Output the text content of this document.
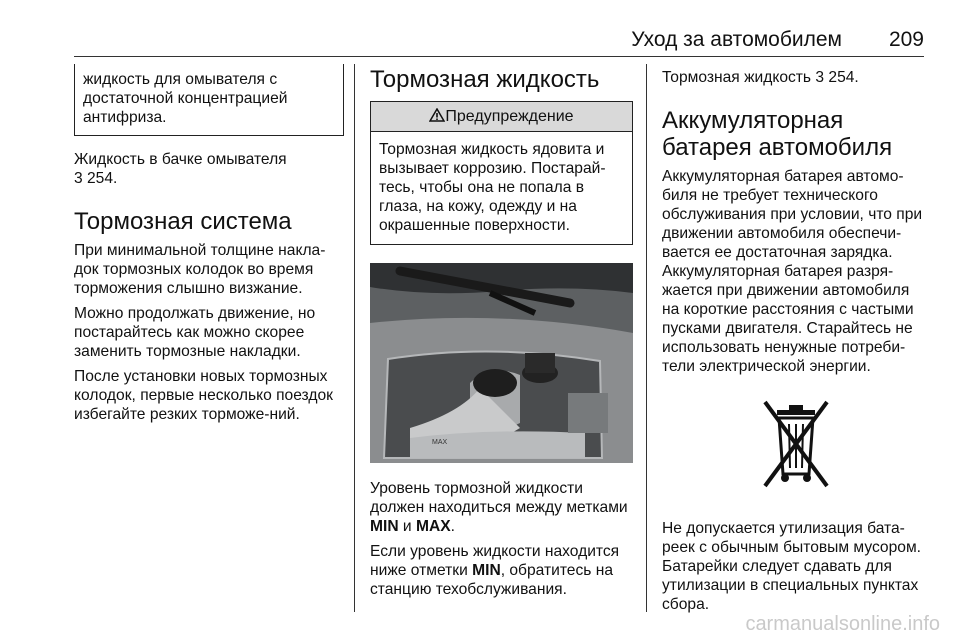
Уход за автомобилем 209
жидкость для омывателя с достаточной концентрацией антифриза.

Жидкость в бачке омывателя
3 254.

Тормозная система

При минимальной толщине накла-док тормозных колодок во время торможения слышно визжание.

Можно продолжать движение, но постарайтесь как можно скорее заменить тормозные накладки.

После установки новых тормозных колодок, первые несколько поездок избегайте резких торможе-ний.

Тормозная жидкость
Предупреждение
Тормозная жидкость ядовита и вызывает коррозию. Постарай-тесь, чтобы она не попала в глаза, на кожу, одежду и на окрашенные поверхности.
MAX

Уровень тормозной жидкости должен находиться между метками MIN и MAX.

Если уровень жидкости находится ниже отметки MIN, обратитесь на станцию техобслуживания.

Тормозная жидкость 3 254.

Аккумуляторная батарея автомобиля

Аккумуляторная батарея автомо-биля не требует технического обслуживания при условии, что при движении автомобиля обеспечи-вается ее достаточная зарядка. Аккумуляторная батарея разря-жается при движении автомобиля на короткие расстояния с частыми пусками двигателя. Старайтесь не использовать ненужные потреби-тели электрической энергии.

Не допускается утилизация бата-реек с обычным бытовым мусором. Батарейки следует сдавать для утилизации в специальных пунктах сбора.

carmanualsonline.info
